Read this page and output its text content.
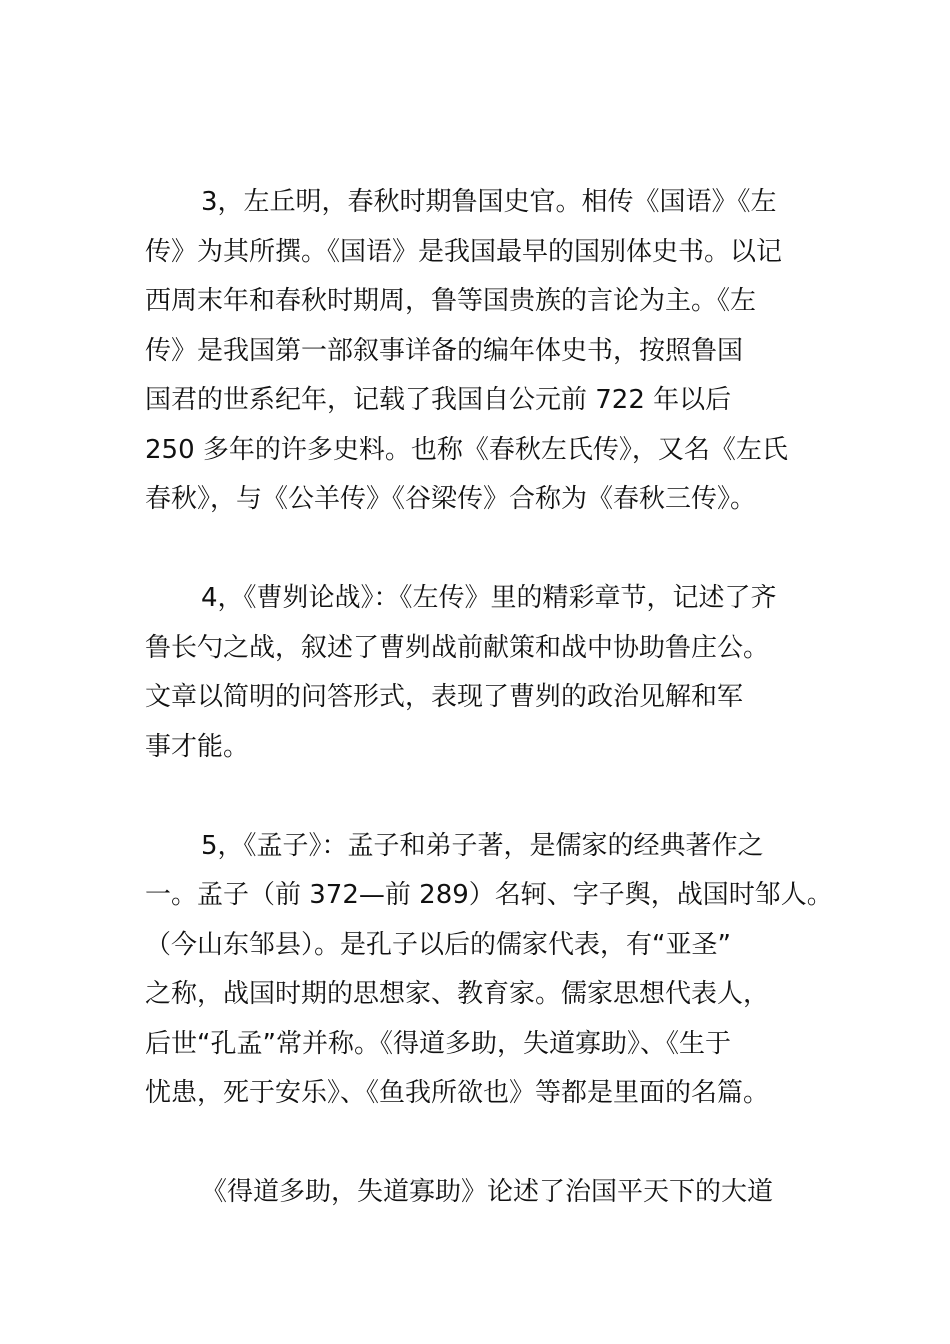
3，左丘明，春秋时期鲁国史官。相传《国语》《左
传》为其所撰。《国语》是我国最早的国别体史书。以记
西周末年和春秋时期周，鲁等国贵族的言论为主。《左
传》是我国第一部叙事详备的编年体史书，按照鲁国
国君的世系纪年，记载了我国自公元前 722 年以后
250 多年的许多史料。也称《春秋左氏传》，又名《左氏
春秋》，与《公羊传》《谷梁传》合称为《春秋三传》。
4，《曹刿论战》：《左传》里的精彩章节，记述了齐
鲁长勺之战，叙述了曹刿战前献策和战中协助鲁庄公。
文章以简明的问答形式，表现了曹刿的政治见解和军
事才能。
5，《孟子》：孟子和弟子著，是儒家的经典著作之
一。孟子（前 372—前 289）名轲、字子舆，战国时邹人。
（今山东邹县）。是孔子以后的儒家代表，有“亚圣”
之称，战国时期的思想家、教育家。儒家思想代表人，
后世“孔孟”常并称。《得道多助，失道寡助》、《生于
忧患，死于安乐》、《鱼我所欲也》等都是里面的名篇。
《得道多助，失道寡助》论述了治国平天下的大道
